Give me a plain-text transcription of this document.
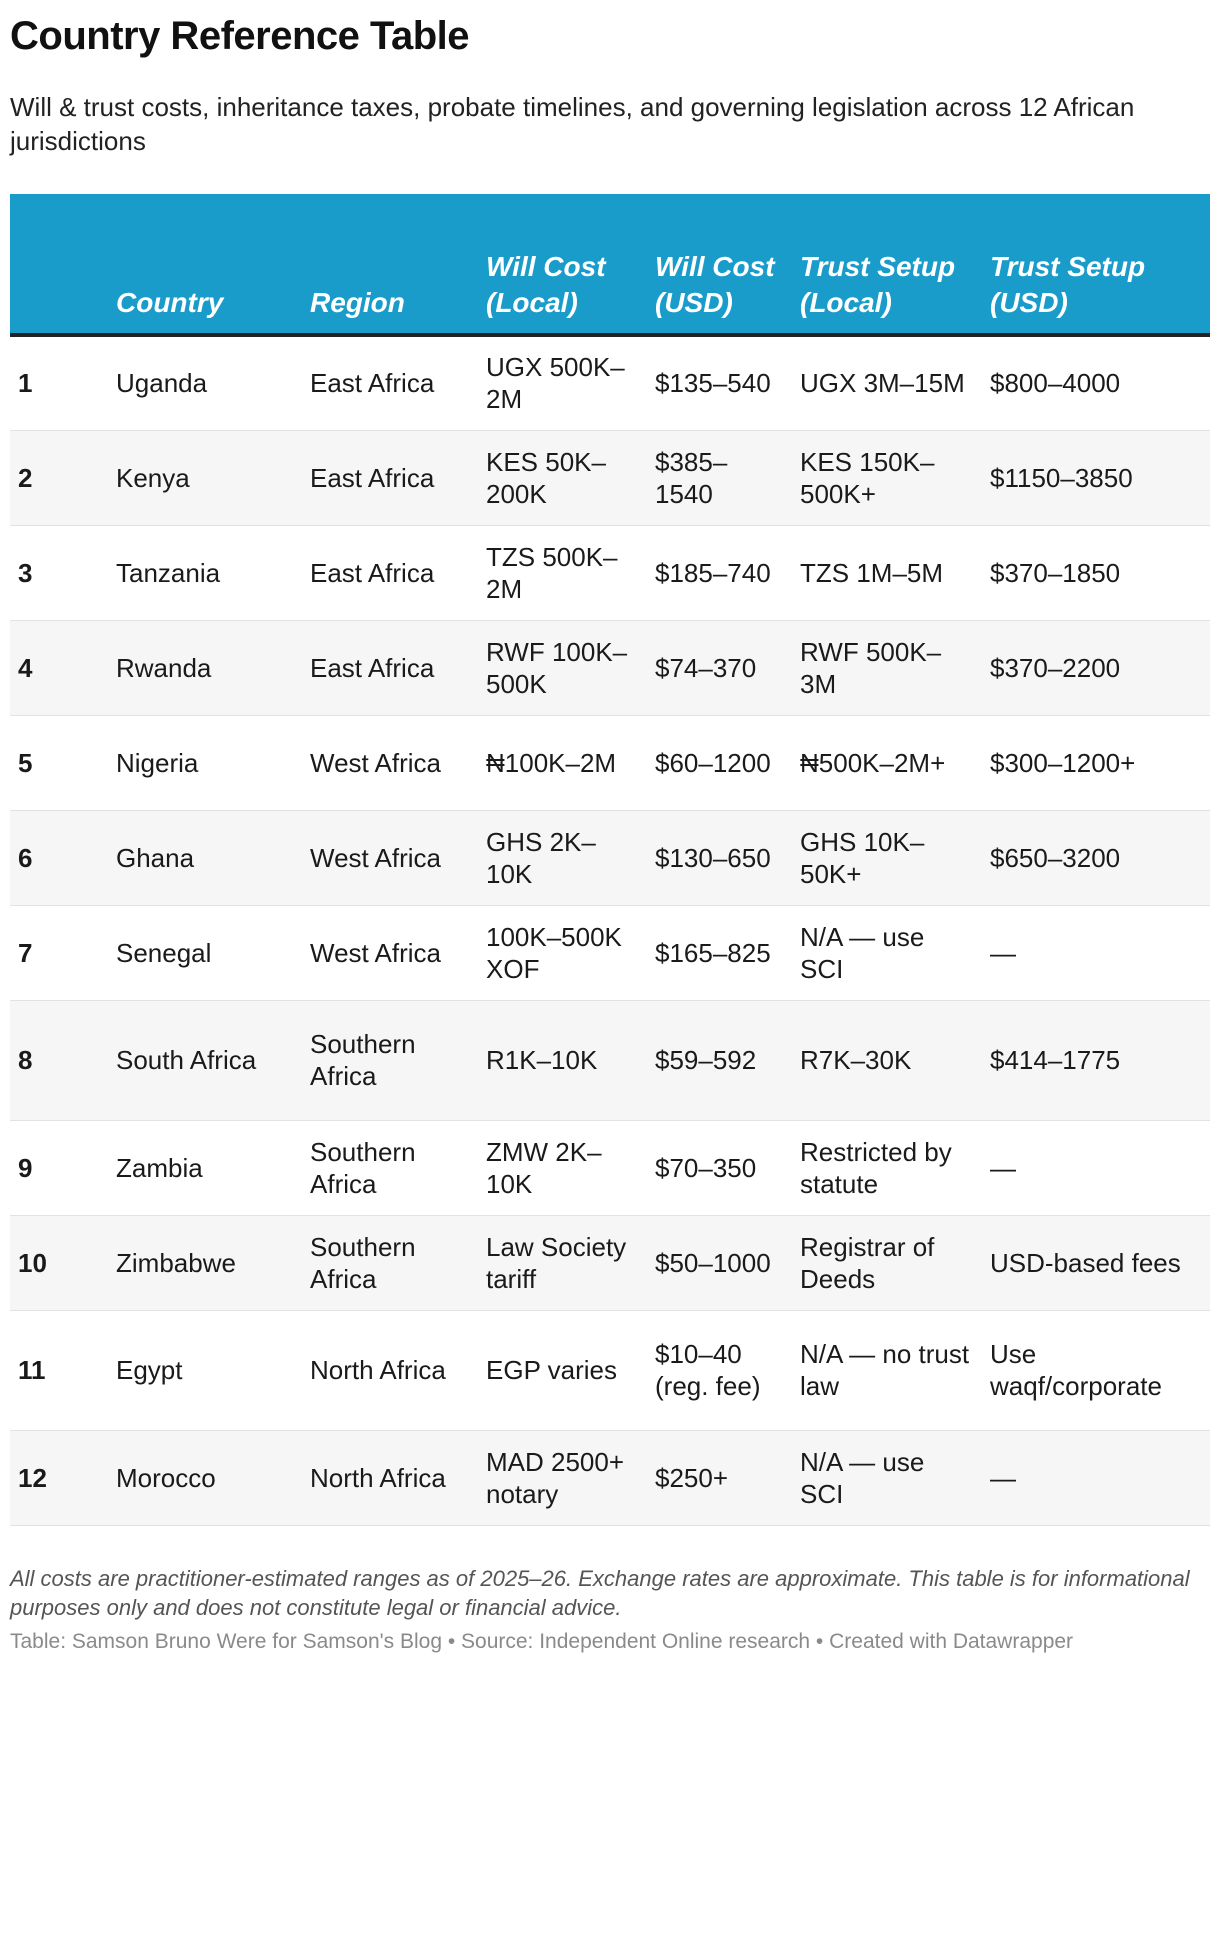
Country Reference Table

Will & trust costs, inheritance taxes, probate timelines, and governing legislation across 12 African jurisdictions

	Country	Region	Will Cost (Local)	Will Cost (USD)	Trust Setup (Local)	Trust Setup (USD)
1	Uganda	East Africa	UGX 500K–2M	$135–540	UGX 3M–15M	$800–4000
2	Kenya	East Africa	KES 50K–200K	$385–1540	KES 150K–500K+	$1150–3850
3	Tanzania	East Africa	TZS 500K–2M	$185–740	TZS 1M–5M	$370–1850
4	Rwanda	East Africa	RWF 100K–500K	$74–370	RWF 500K–3M	$370–2200
5	Nigeria	West Africa	₦100K–2M	$60–1200	₦500K–2M+	$300–1200+
6	Ghana	West Africa	GHS 2K–10K	$130–650	GHS 10K–50K+	$650–3200
7	Senegal	West Africa	100K–500K XOF	$165–825	N/A — use SCI	—
8	South Africa	Southern Africa	R1K–10K	$59–592	R7K–30K	$414–1775
9	Zambia	Southern Africa	ZMW 2K–10K	$70–350	Restricted by statute	—
10	Zimbabwe	Southern Africa	Law Society tariff	$50–1000	Registrar of Deeds	USD-based fees
11	Egypt	North Africa	EGP varies	$10–40 (reg. fee)	N/A — no trust law	Use waqf/corporate
12	Morocco	North Africa	MAD 2500+ notary	$250+	N/A — use SCI	—

All costs are practitioner-estimated ranges as of 2025–26. Exchange rates are approximate. This table is for informational purposes only and does not constitute legal or financial advice.

Table: Samson Bruno Were for Samson's Blog • Source: Independent Online research • Created with Datawrapper
